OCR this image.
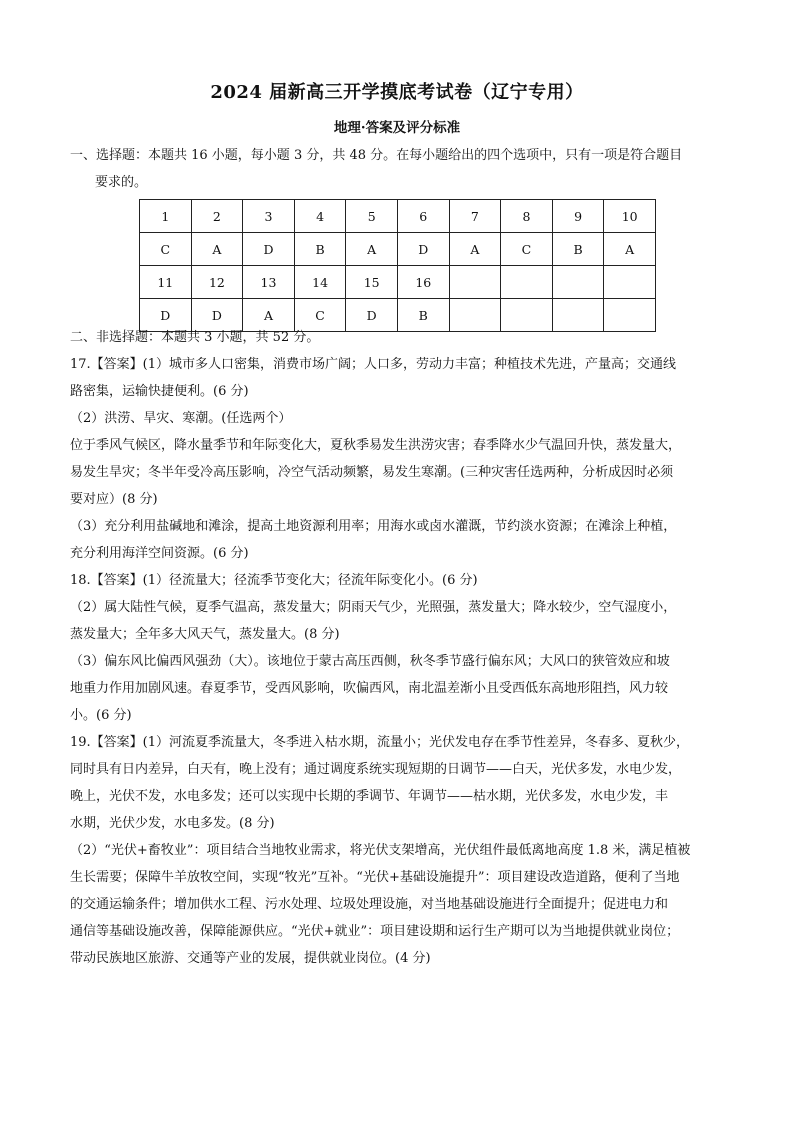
2024 届新高三开学摸底考试卷（辽宁专用）
地理·答案及评分标准
一、选择题：本题共 16 小题，每小题 3 分，共 48 分。在每小题给出的四个选项中，只有一项是符合题目
要求的。
1	2	3	4	5	6	7	8	9	10
C	A	D	B	A	D	A	C	B	A
11	12	13	14	15	16				
D	D	A	C	D	B				
二、非选择题：本题共 3 小题，共 52 分。
17.【答案】(1）城市多人口密集，消费市场广阔；人口多，劳动力丰富；种植技术先进，产量高；交通线
路密集，运输快捷便利。(6 分)
（2）洪涝、旱灾、寒潮。(任选两个）
位于季风气候区，降水量季节和年际变化大，夏秋季易发生洪涝灾害；春季降水少气温回升快，蒸发量大，
易发生旱灾；冬半年受冷高压影响，冷空气活动频繁，易发生寒潮。(三种灾害任选两种，分析成因时必须
要对应）(8 分)
（3）充分利用盐碱地和滩涂，提高土地资源利用率；用海水或卤水灌溉，节约淡水资源；在滩涂上种植，
充分利用海洋空间资源。(6 分)
18.【答案】(1）径流量大；径流季节变化大；径流年际变化小。(6 分)
（2）属大陆性气候，夏季气温高，蒸发量大；阴雨天气少，光照强，蒸发量大；降水较少，空气湿度小，
蒸发量大；全年多大风天气，蒸发量大。(8 分)
（3）偏东风比偏西风强劲（大）。该地位于蒙古高压西侧，秋冬季节盛行偏东风；大风口的狭管效应和坡
地重力作用加剧风速。春夏季节，受西风影响，吹偏西风，南北温差渐小且受西低东高地形阻挡，风力较
小。(6 分)
19.【答案】(1）河流夏季流量大，冬季进入枯水期，流量小；光伏发电存在季节性差异，冬春多、夏秋少，
同时具有日内差异，白天有，晚上没有；通过调度系统实现短期的日调节——白天，光伏多发，水电少发，
晚上，光伏不发，水电多发；还可以实现中长期的季调节、年调节——枯水期，光伏多发，水电少发，丰
水期，光伏少发，水电多发。(8 分)
（2）“光伏+畜牧业”：项目结合当地牧业需求，将光伏支架增高，光伏组件最低离地高度 1.8 米，满足植被
生长需要；保障牛羊放牧空间，实现“牧光”互补。“光伏+基础设施提升”：项目建设改造道路，便利了当地
的交通运输条件；增加供水工程、污水处理、垃圾处理设施，对当地基础设施进行全面提升；促进电力和
通信等基础设施改善，保障能源供应。“光伏+就业”：项目建设期和运行生产期可以为当地提供就业岗位；
带动民族地区旅游、交通等产业的发展，提供就业岗位。(4 分)
